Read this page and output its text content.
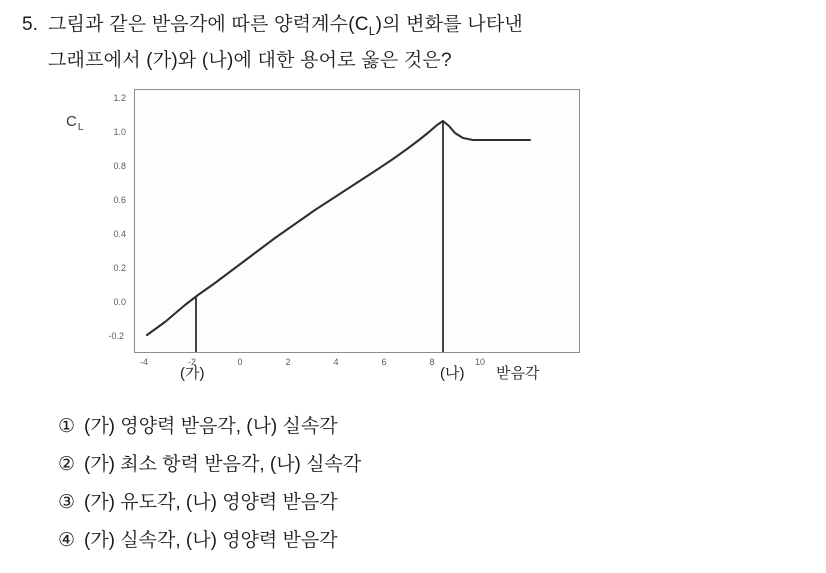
5. 그림과 같은 받음각에 따른 양력계수$(C_L)$의 변화를 나타낸
그래프에서 (가)와 (나)에 대한 용어로 옳은 것은?
$C_L$
1.2
1.0
0.8
0.6
0.4
0.2
0.0
-0.2
-4	-2	0	2	4	6	8	10
(가)	(나) 받음각
① (가) 영양력 받음각, (나) 실속각
② (가) 최소 항력 받음각, (나) 실속각
③ (가) 유도각, (나) 영양력 받음각
④ (가) 실속각, (나) 영양력 받음각
